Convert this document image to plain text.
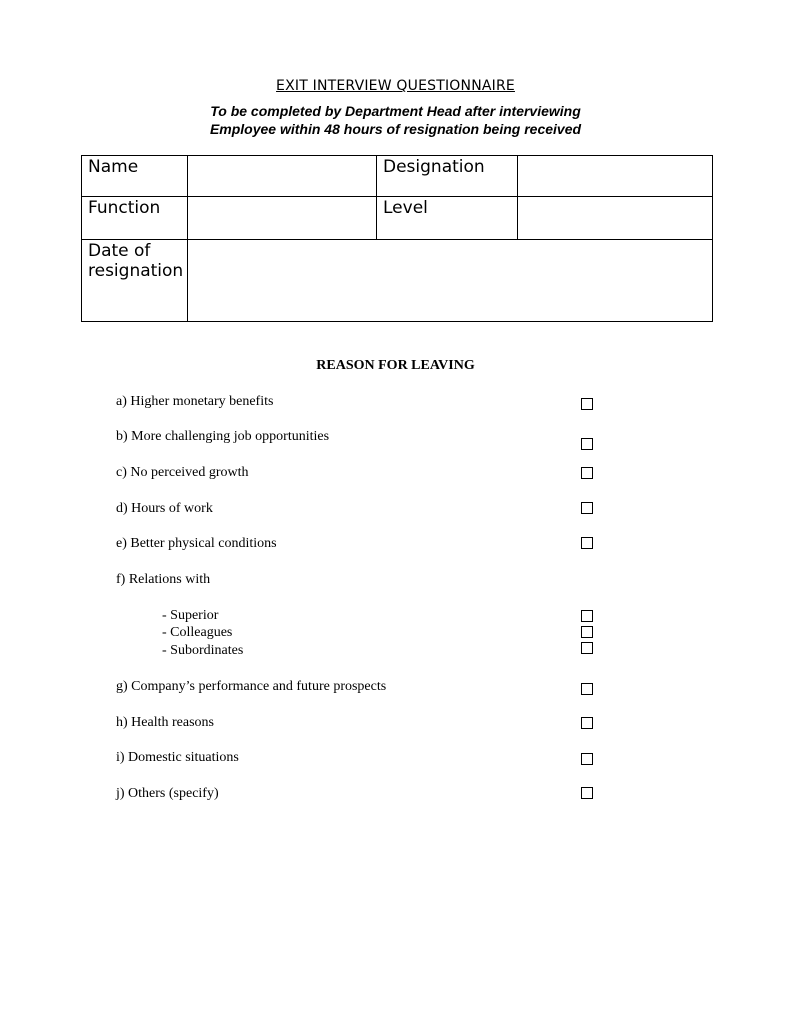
EXIT INTERVIEW QUESTIONNAIRE
To be completed by Department Head after interviewing
Employee within 48 hours of resignation being received
Name		Designation	
Function		Level	
Date of resignation			
REASON FOR LEAVING
a) Higher monetary benefits
b) More challenging job opportunities
c) No perceived growth
d) Hours of work
e) Better physical conditions
f) Relations with
- Superior
- Colleagues
- Subordinates
g) Company’s performance and future prospects
h) Health reasons
i) Domestic situations
j) Others (specify)
